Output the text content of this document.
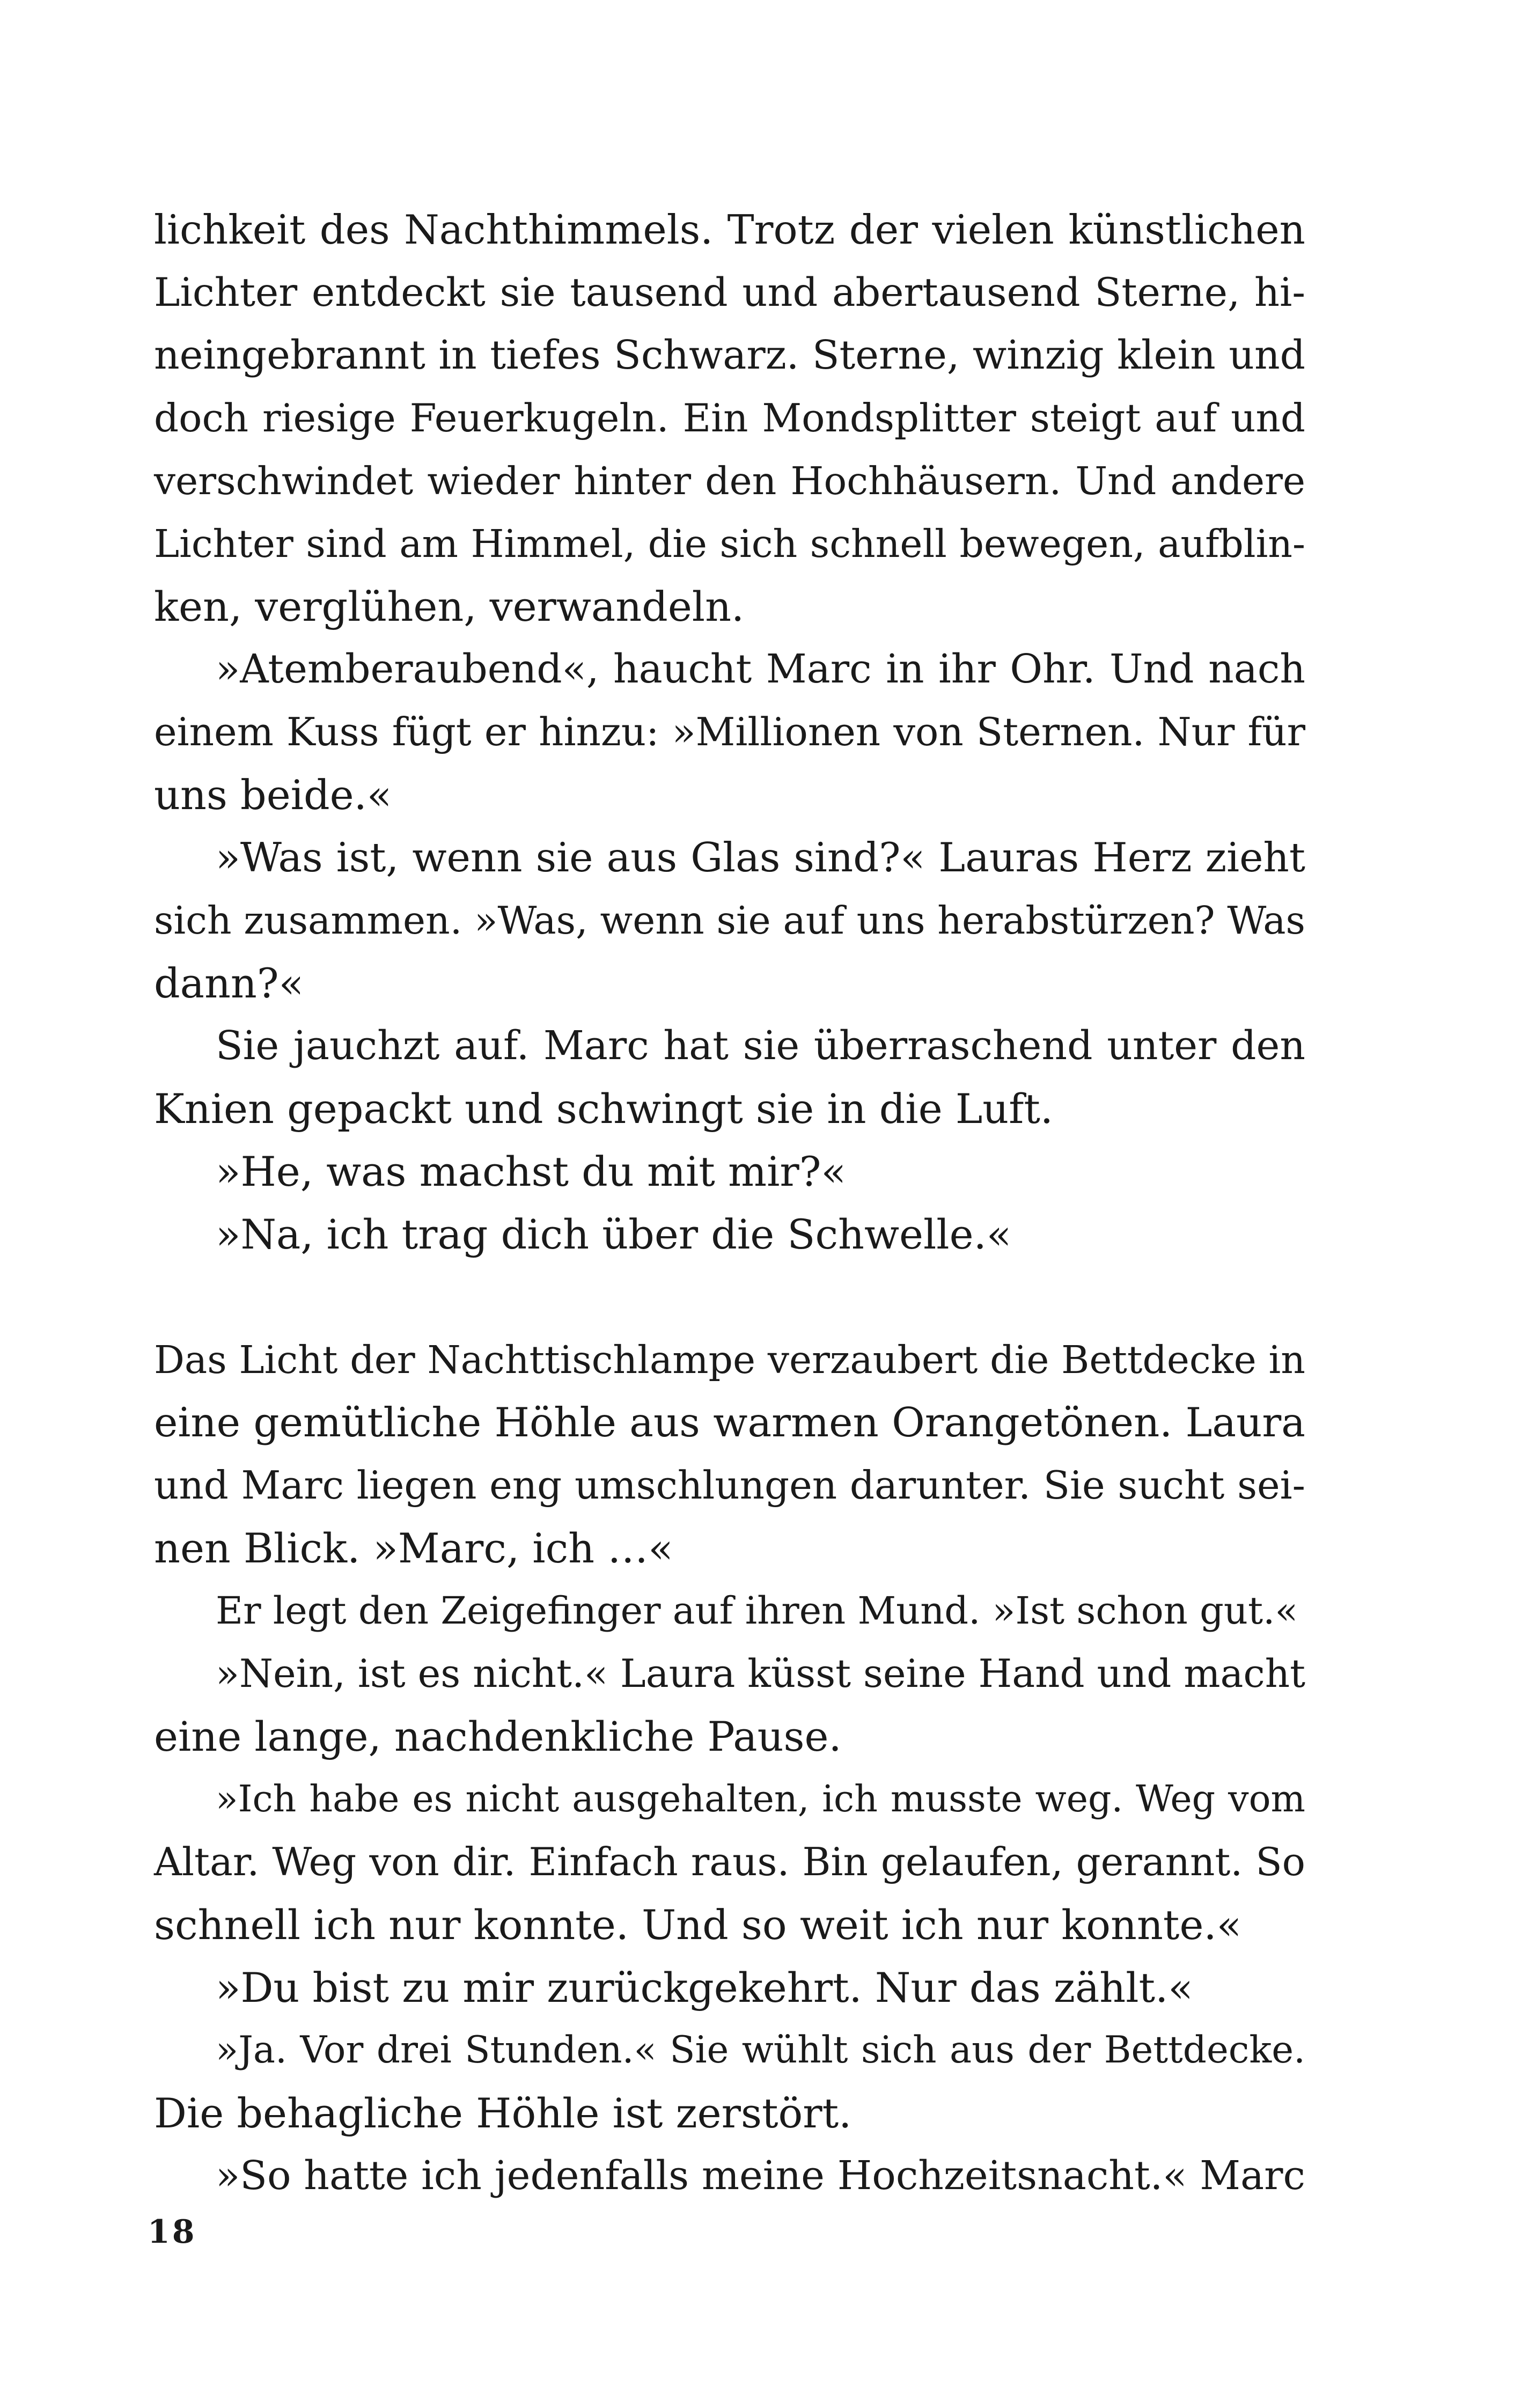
lichkeit des Nachthimmels. Trotz der vielen künstlichen
Lichter entdeckt sie tausend und abertausend Sterne, hi-
neingebrannt in tiefes Schwarz. Sterne, winzig klein und
doch riesige Feuerkugeln. Ein Mondsplitter steigt auf und
verschwindet wieder hinter den Hochhäusern. Und andere
Lichter sind am Himmel, die sich schnell bewegen, aufblin-
ken, verglühen, verwandeln.
»Atemberaubend«, haucht Marc in ihr Ohr. Und nach
einem Kuss fügt er hinzu: »Millionen von Sternen. Nur für
uns beide.«
»Was ist, wenn sie aus Glas sind?« Lauras Herz zieht
sich zusammen. »Was, wenn sie auf uns herabstürzen? Was
dann?«
Sie jauchzt auf. Marc hat sie überraschend unter den
Knien gepackt und schwingt sie in die Luft.
»He, was machst du mit mir?«
»Na, ich trag dich über die Schwelle.«
Das Licht der Nachttischlampe verzaubert die Bettdecke in
eine gemütliche Höhle aus warmen Orangetönen. Laura
und Marc liegen eng umschlungen darunter. Sie sucht sei-
nen Blick. »Marc, ich …«
Er legt den Zeigefinger auf ihren Mund. »Ist schon gut.«
»Nein, ist es nicht.« Laura küsst seine Hand und macht
eine lange, nachdenkliche Pause.
»Ich habe es nicht ausgehalten, ich musste weg. Weg vom
Altar. Weg von dir. Einfach raus. Bin gelaufen, gerannt. So
schnell ich nur konnte. Und so weit ich nur konnte.«
»Du bist zu mir zurückgekehrt. Nur das zählt.«
»Ja. Vor drei Stunden.« Sie wühlt sich aus der Bettdecke.
Die behagliche Höhle ist zerstört.
»So hatte ich jedenfalls meine Hochzeitsnacht.« Marc
18
